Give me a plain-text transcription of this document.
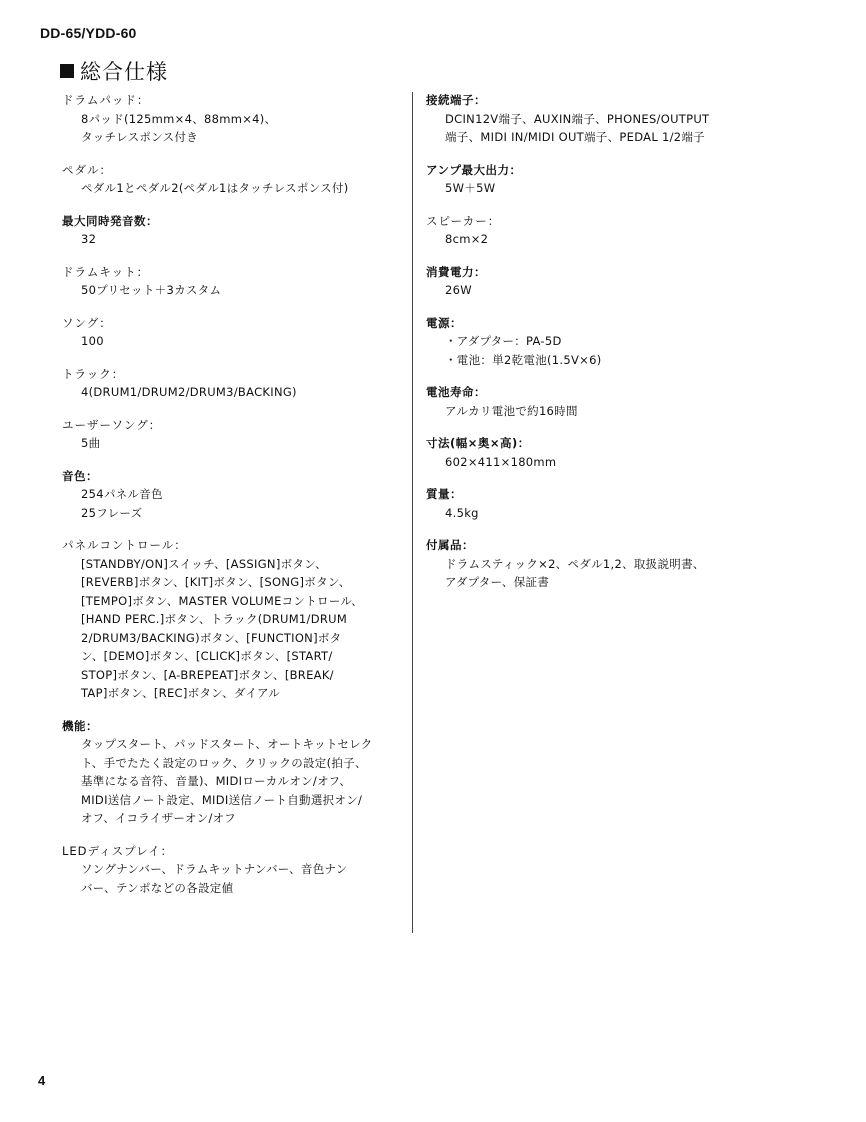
DD-65/YDD-60
総合仕様
ドラムパッド：
8パッド(125mm×4、88mm×4)、
タッチレスポンス付き
ペダル：
ペダル1とペダル2(ペダル1はタッチレスポンス付)
最大同時発音数：
32
ドラムキット：
50プリセット＋3カスタム
ソング：
100
トラック：
4(DRUM1/DRUM2/DRUM3/BACKING)
ユーザーソング：
5曲
音色：
254パネル音色
25フレーズ
パネルコントロール：
[STANDBY/ON]スイッチ、[ASSIGN]ボタン、
[REVERB]ボタン、[KIT]ボタン、[SONG]ボタン、
[TEMPO]ボタン、MASTER VOLUMEコントロール、
[HAND PERC.]ボタン、トラック(DRUM1/DRUM
2/DRUM3/BACKING)ボタン、[FUNCTION]ボタ
ン、[DEMO]ボタン、[CLICK]ボタン、[START/
STOP]ボタン、[A-BREPEAT]ボタン、[BREAK/
TAP]ボタン、[REC]ボタン、ダイアル
機能：
タップスタート、パッドスタート、オートキットセレク
ト、手でたたく設定のロック、クリックの設定(拍子、
基準になる音符、音量)、MIDIローカルオン/オフ、
MIDI送信ノート設定、MIDI送信ノート自動選択オン/
オフ、イコライザーオン/オフ
LEDディスプレイ：
ソングナンバー、ドラムキットナンバー、音色ナン
バー、テンポなどの各設定値
接続端子：
DCIN12V端子、AUXIN端子、PHONES/OUTPUT
端子、MIDI IN/MIDI OUT端子、PEDAL 1/2端子
アンプ最大出力：
5W＋5W
スピーカー：
8cm×2
消費電力：
26W
電源：
・アダプター：PA-5D
・電池：単2乾電池(1.5V×6)
電池寿命：
アルカリ電池で約16時間
寸法(幅×奥×高)：
602×411×180mm
質量：
4.5kg
付属品：
ドラムスティック×2、ペダル1,2、取扱説明書、
アダプター、保証書
4
